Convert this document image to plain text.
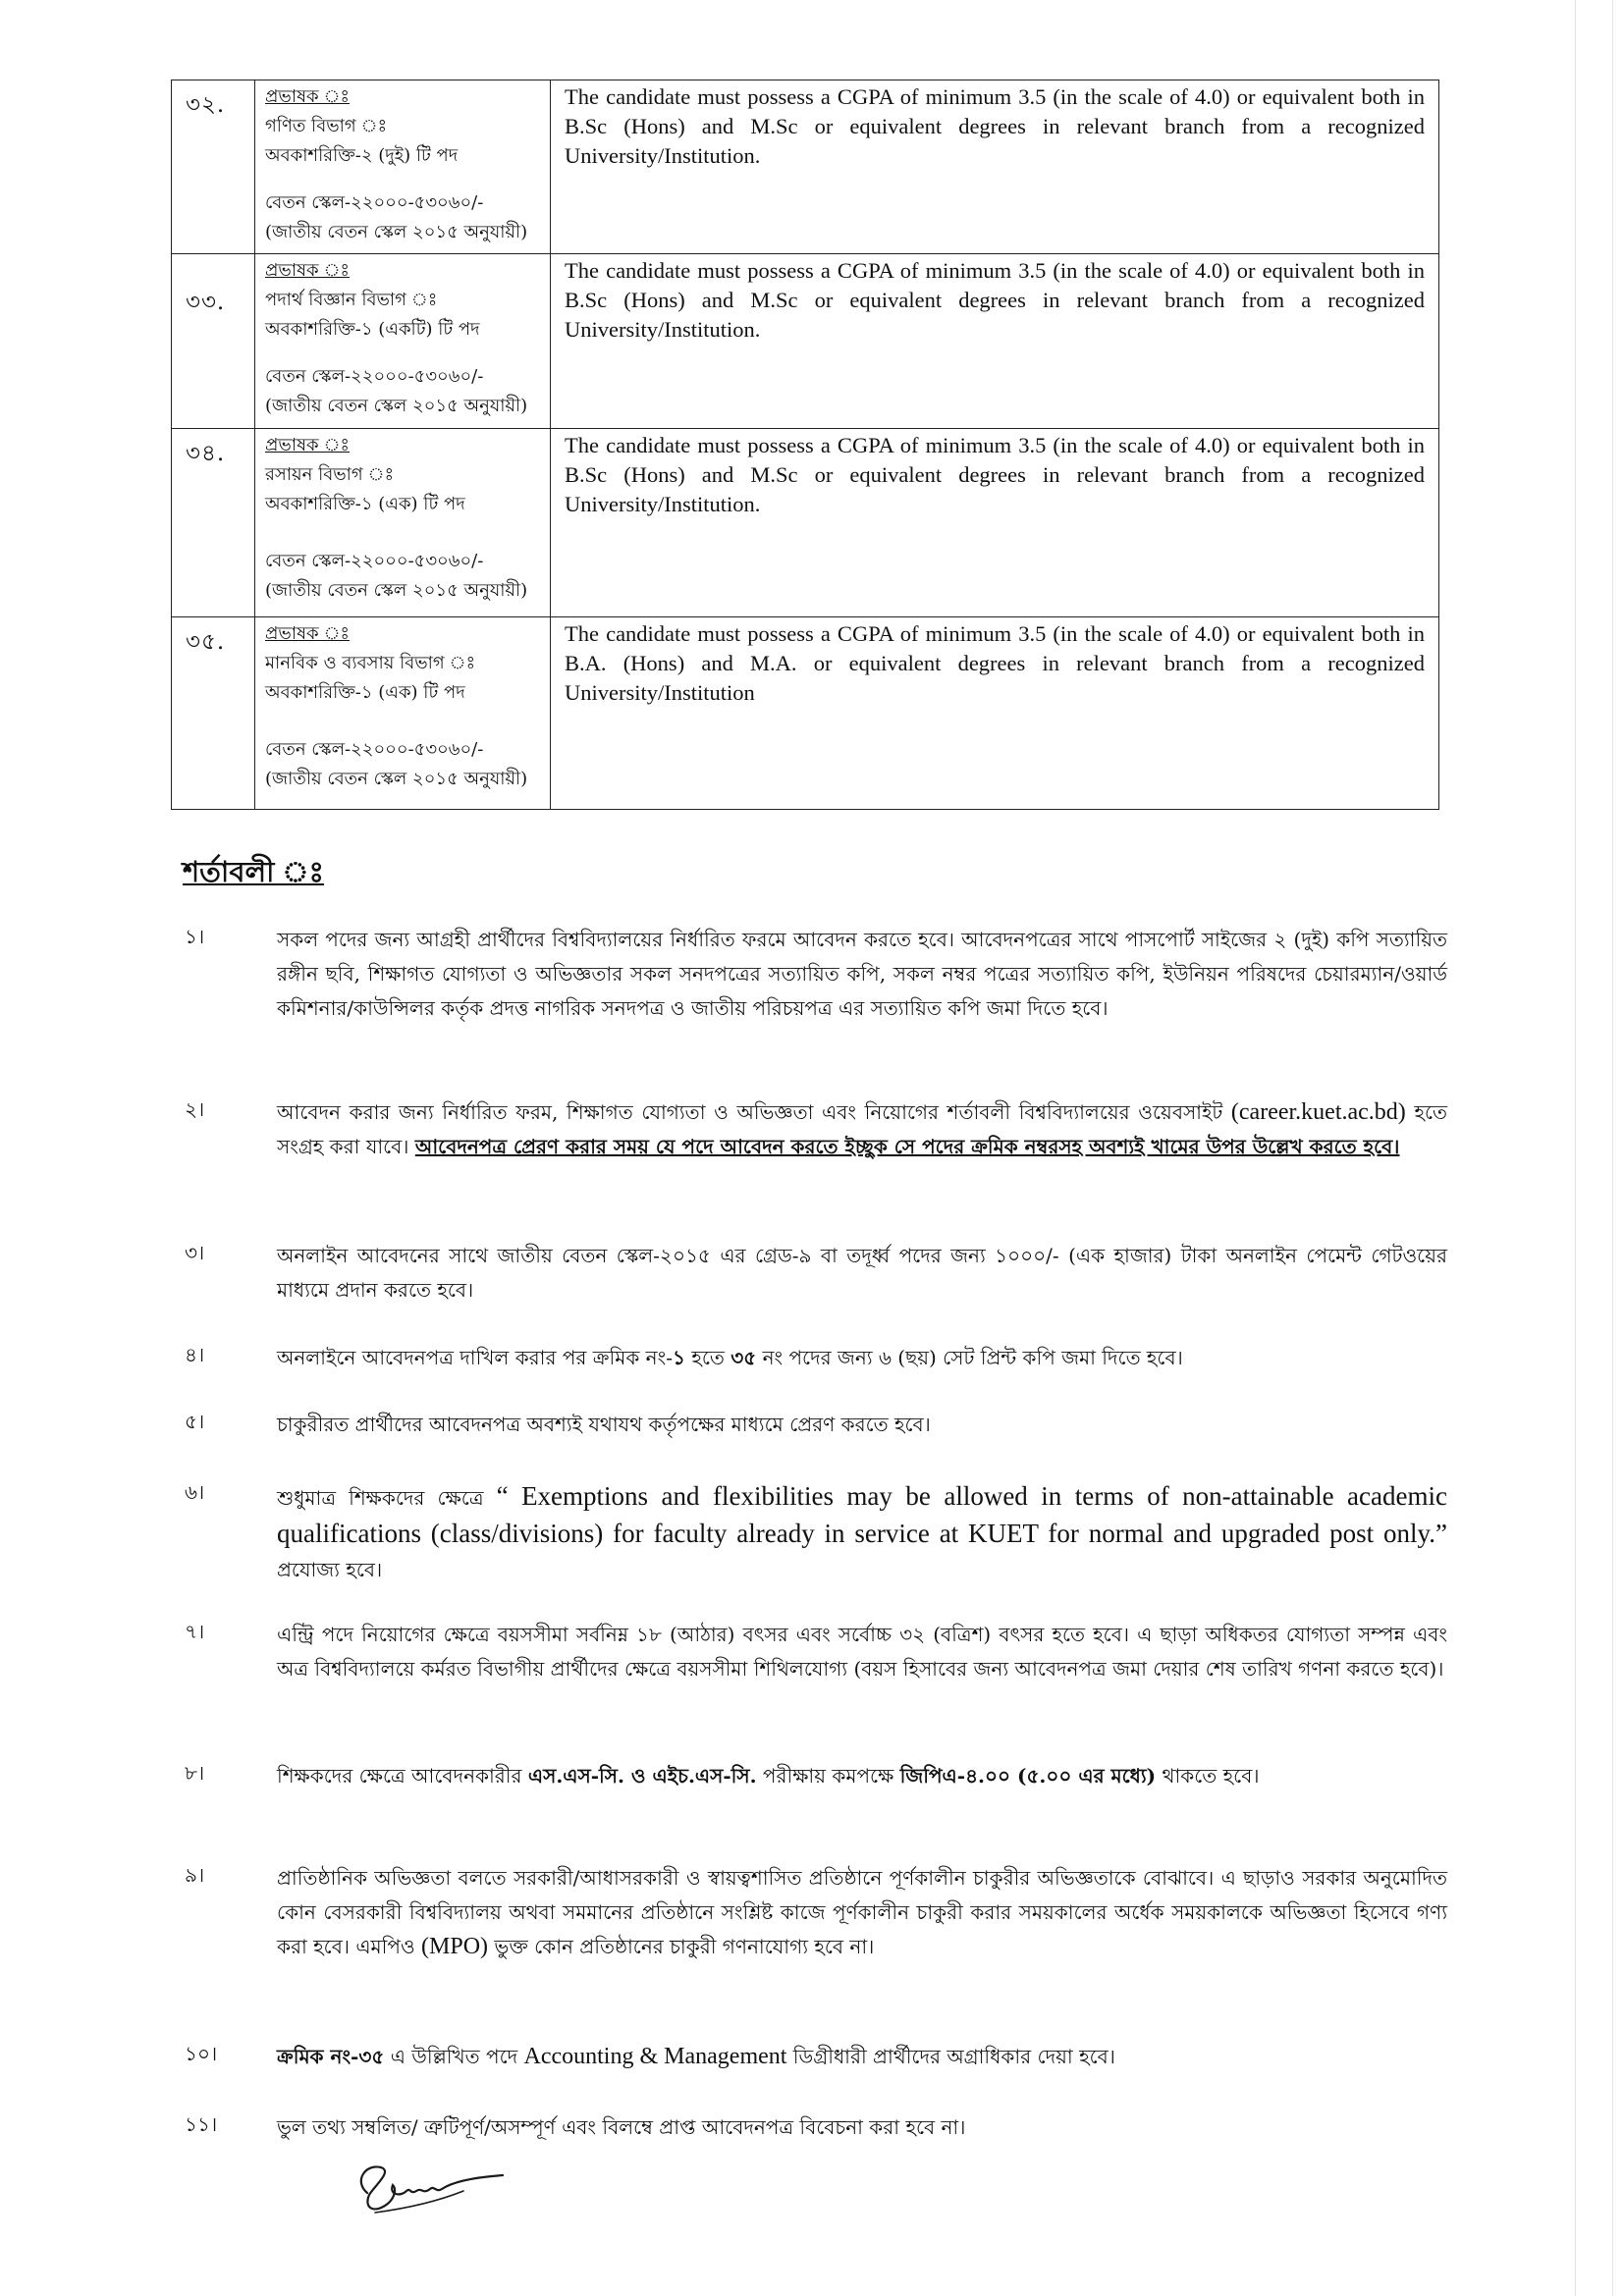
৩২.	প্রভাষক ঃ
গণিত বিভাগ ঃ
অবকাশরিক্তি-২ (দুই) টি পদ
বেতন স্কেল-২২০০০-৫৩০৬০/-
(জাতীয় বেতন স্কেল ২০১৫ অনুযায়ী)	The candidate must possess a CGPA of minimum 3.5 (in the scale of 4.0) or equivalent both in B.Sc (Hons) and M.Sc or equivalent degrees in relevant branch from a recognized University/Institution.

৩৩.	প্রভাষক ঃ
পদার্থ বিজ্ঞান বিভাগ ঃ
অবকাশরিক্তি-১ (একটি) টি পদ
বেতন স্কেল-২২০০০-৫৩০৬০/-
(জাতীয় বেতন স্কেল ২০১৫ অনুযায়ী)	The candidate must possess a CGPA of minimum 3.5 (in the scale of 4.0) or equivalent both in B.Sc (Hons) and M.Sc or equivalent degrees in relevant branch from a recognized University/Institution.

৩৪.	প্রভাষক ঃ
রসায়ন বিভাগ ঃ
অবকাশরিক্তি-১ (এক) টি পদ
বেতন স্কেল-২২০০০-৫৩০৬০/-
(জাতীয় বেতন স্কেল ২০১৫ অনুযায়ী)	The candidate must possess a CGPA of minimum 3.5 (in the scale of 4.0) or equivalent both in B.Sc (Hons) and M.Sc or equivalent degrees in relevant branch from a recognized University/Institution.

৩৫.	প্রভাষক ঃ
মানবিক ও ব্যবসায় বিভাগ ঃ
অবকাশরিক্তি-১ (এক) টি পদ
বেতন স্কেল-২২০০০-৫৩০৬০/-
(জাতীয় বেতন স্কেল ২০১৫ অনুযায়ী)	The candidate must possess a CGPA of minimum 3.5 (in the scale of 4.0) or equivalent both in B.A. (Hons) and M.A. or equivalent degrees in relevant branch from a recognized University/Institution
শর্তাবলী ঃ
১।	সকল পদের জন্য আগ্রহী প্রার্থীদের বিশ্ববিদ্যালয়ের নির্ধারিত ফরমে আবেদন করতে হবে। আবেদনপত্রের সাথে পাসপোর্ট সাইজের ২ (দুই) কপি সত্যায়িত রঙ্গীন ছবি, শিক্ষাগত যোগ্যতা ও অভিজ্ঞতার সকল সনদপত্রের সত্যায়িত কপি, সকল নম্বর পত্রের সত্যায়িত কপি, ইউনিয়ন পরিষদের চেয়ারম্যান/ওয়ার্ড কমিশনার/কাউন্সিলর কর্তৃক প্রদত্ত নাগরিক সনদপত্র ও জাতীয় পরিচয়পত্র এর সত্যায়িত কপি জমা দিতে হবে।
২।	আবেদন করার জন্য নির্ধারিত ফরম, শিক্ষাগত যোগ্যতা ও অভিজ্ঞতা এবং নিয়োগের শর্তাবলী বিশ্ববিদ্যালয়ের ওয়েবসাইট (career.kuet.ac.bd) হতে সংগ্রহ করা যাবে। আবেদনপত্র প্রেরণ করার সময় যে পদে আবেদন করতে ইচ্ছুক সে পদের ক্রমিক নম্বরসহ অবশ্যই খামের উপর উল্লেখ করতে হবে।
৩।	অনলাইন আবেদনের সাথে জাতীয় বেতন স্কেল-২০১৫ এর গ্রেড-৯ বা তদূর্ধ্ব পদের জন্য ১০০০/- (এক হাজার) টাকা অনলাইন পেমেন্ট গেটওয়ের মাধ্যমে প্রদান করতে হবে।
৪।	অনলাইনে আবেদনপত্র দাখিল করার পর ক্রমিক নং-১ হতে ৩৫ নং পদের জন্য ৬ (ছয়) সেট প্রিন্ট কপি জমা দিতে হবে।
৫।	চাকুরীরত প্রার্থীদের আবেদনপত্র অবশ্যই যথাযথ কর্তৃপক্ষের মাধ্যমে প্রেরণ করতে হবে।
৬।	শুধুমাত্র শিক্ষকদের ক্ষেত্রে “ Exemptions and flexibilities may be allowed in terms of non-attainable academic qualifications (class/divisions) for faculty already in service at KUET for normal and upgraded post only.” প্রযোজ্য হবে।
৭।	এন্ট্রি পদে নিয়োগের ক্ষেত্রে বয়সসীমা সর্বনিম্ন ১৮ (আঠার) বৎসর এবং সর্বোচ্চ ৩২ (বত্রিশ) বৎসর হতে হবে। এ ছাড়া অধিকতর যোগ্যতা সম্পন্ন এবং অত্র বিশ্ববিদ্যালয়ে কর্মরত বিভাগীয় প্রার্থীদের ক্ষেত্রে বয়সসীমা শিথিলযোগ্য (বয়স হিসাবের জন্য আবেদনপত্র জমা দেয়ার শেষ তারিখ গণনা করতে হবে)।
৮।	শিক্ষকদের ক্ষেত্রে আবেদনকারীর এস.এস-সি. ও এইচ.এস-সি. পরীক্ষায় কমপক্ষে জিপিএ-৪.০০ (৫.০০ এর মধ্যে) থাকতে হবে।
৯।	প্রাতিষ্ঠানিক অভিজ্ঞতা বলতে সরকারী/আধাসরকারী ও স্বায়ত্বশাসিত প্রতিষ্ঠানে পূর্ণকালীন চাকুরীর অভিজ্ঞতাকে বোঝাবে। এ ছাড়াও সরকার অনুমোদিত কোন বেসরকারী বিশ্ববিদ্যালয় অথবা সমমানের প্রতিষ্ঠানে সংশ্লিষ্ট কাজে পূর্ণকালীন চাকুরী করার সময়কালের অর্ধেক সময়কালকে অভিজ্ঞতা হিসেবে গণ্য করা হবে। এমপিও (MPO) ভুক্ত কোন প্রতিষ্ঠানের চাকুরী গণনাযোগ্য হবে না।
১০।	ক্রমিক নং-৩৫ এ উল্লিখিত পদে Accounting & Management ডিগ্রীধারী প্রার্থীদের অগ্রাধিকার দেয়া হবে।
১১।	ভুল তথ্য সম্বলিত/ ত্রুটিপূর্ণ/অসম্পূর্ণ এবং বিলম্বে প্রাপ্ত আবেদনপত্র বিবেচনা করা হবে না।
